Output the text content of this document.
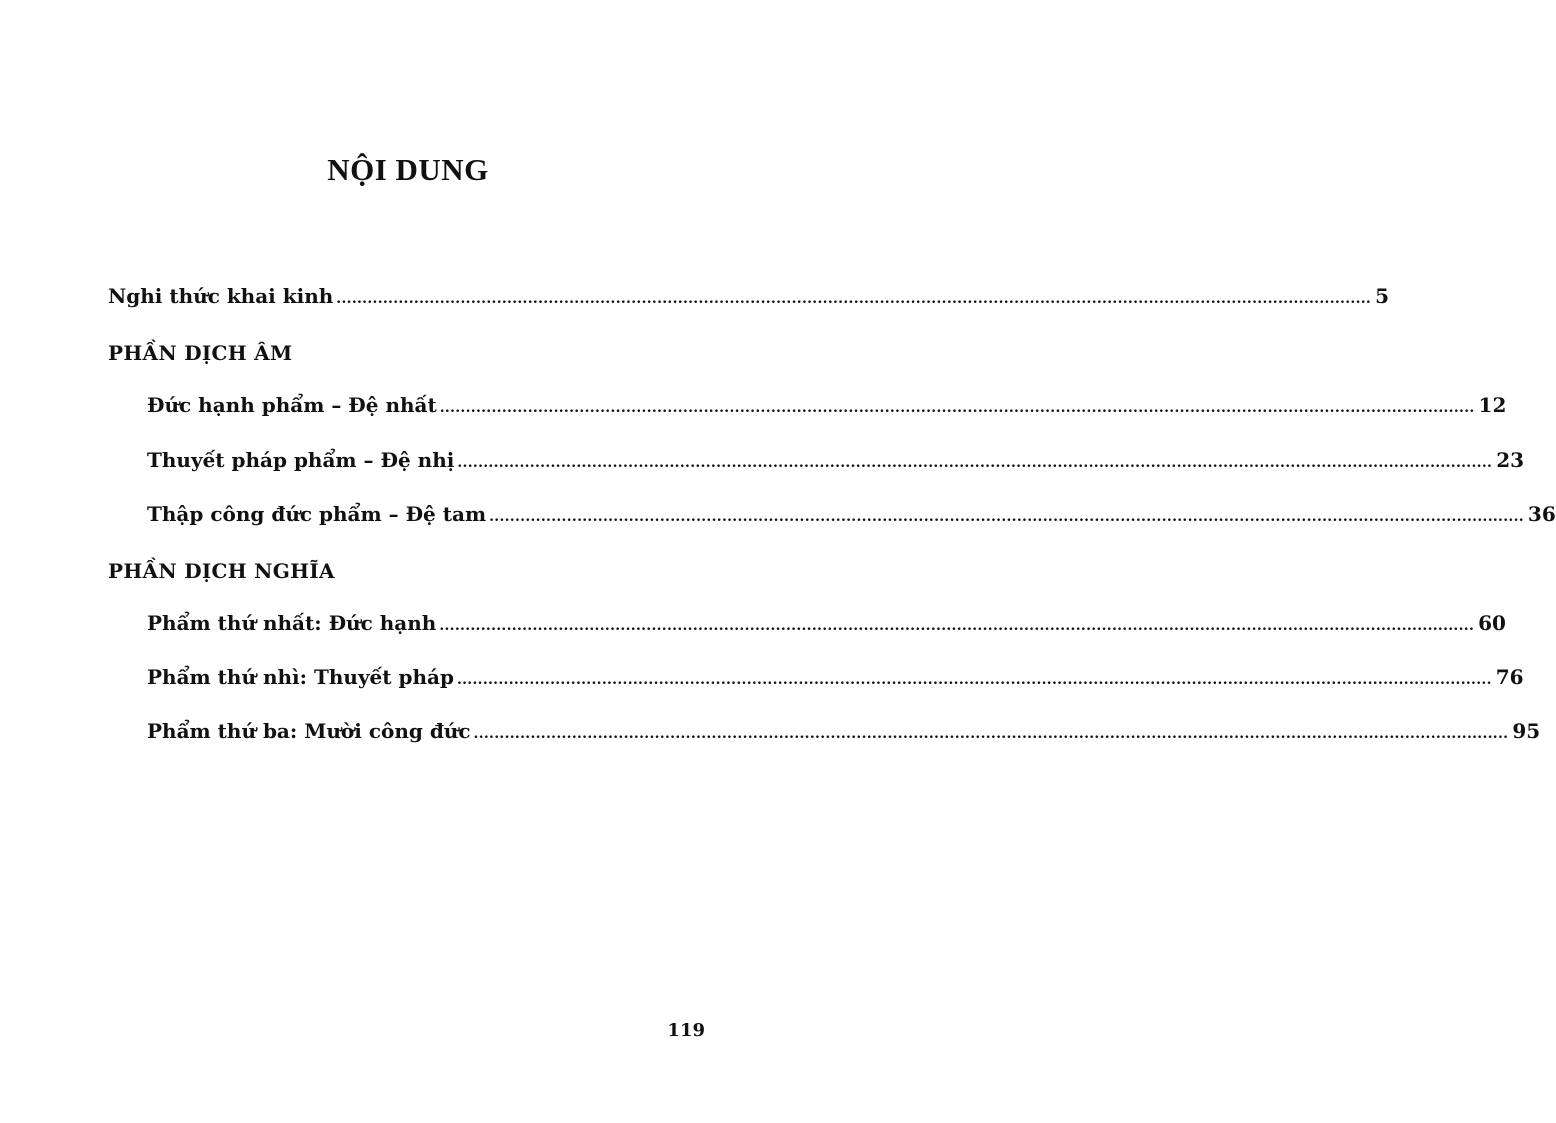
NỘI DUNG
Nghi thức khai kinh ........................................................................................................................................................................................................ 5
PHẦN DỊCH ÂM
Đức hạnh phẩm – Đệ nhất ........................................................................................................................................................................................................ 12
Thuyết pháp phẩm – Đệ nhị ........................................................................................................................................................................................................ 23
Thập công đức phẩm – Đệ tam ........................................................................................................................................................................................................ 36
PHẦN DỊCH NGHĨA
Phẩm thứ nhất: Đức hạnh ........................................................................................................................................................................................................ 60
Phẩm thứ nhì: Thuyết pháp ........................................................................................................................................................................................................ 76
Phẩm thứ ba: Mười công đức ........................................................................................................................................................................................................ 95
119
